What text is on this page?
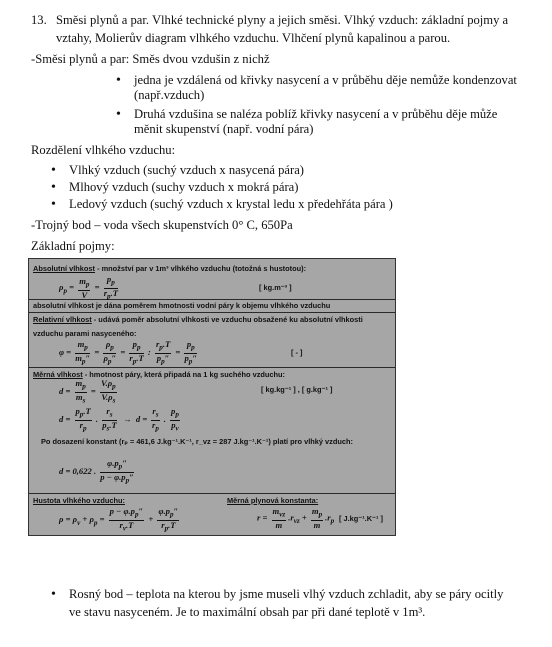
13. Směsi plynů a par. Vlhké technické plyny a jejich směsi. Vlhký vzduch: základní pojmy a
vztahy, Molierův diagram vlhkého vzduchu. Vlhčení plynů kapalinou a parou.
-Směsi plynů a par: Směs dvou vzdušin z nichž
• jedna je vzdálená od křivky nasycení a v průběhu děje nemůže kondenzovat
(např.vzduch)
• Druhá vzdušina se naléza poblíž křivky nasycení a v průběhu děje může
měnit skupenství (např. vodní pára)
Rozdělení vlhkého vzduchu:
• Vlhký vzduch (suchý vzduch x nasycená pára)
• Mlhový vzduch (suchy vzduch x mokrá pára)
• Ledový vzduch (suchý vzduch x krystal ledu x předehřáta pára )
-Trojný bod – voda všech skupenstvích 0° C, 650Pa
Základní pojmy:
Absolutní vlhkost - množství par v 1m³ vlhkého vzduchu (totožná s hustotou):
$\rho_p = \frac{m_p}{V} = \frac{p_p}{r_p.T}$	[ kg.m⁻³ ]
absolutní vlhkost je dána poměrem hmotnosti vodní páry k objemu vlhkého vzduchu
Relativní vlhkost - udává poměr absolutní vlhkosti ve vzduchu obsažené ku absolutní vlhkosti
vzduchu parami nasyceného:
$\varphi = \frac{m_p}{m_p''} = \frac{\rho_p}{\rho_p''} = \frac{p_p}{r_p.T}$ : $\frac{r_p.T}{p_p''} = \frac{p_p}{p_p''}$	[ - ]
Měrná vlhkost - hmotnost páry, která připadá na 1 kg suchého vzduchu:
$d = \frac{m_p}{m_s} = \frac{V.\rho_p}{V.\rho_s}$	[ kg.kg⁻¹ ] , [ g.kg⁻¹ ]
$d = \frac{p_p.T}{r_p}$ . $\frac{r_s}{p_s.T} \to d = \frac{r_s}{r_p}$ . $\frac{p_p}{p_v}$
Po dosazení konstant (rₚ = 461,6 J.kg⁻¹.K⁻¹, r_vz = 287 J.kg⁻¹.K⁻¹) platí pro vlhký vzduch:
d = 0,622 . $\frac{\varphi.p_p''}{p - \varphi.p_p''}$
Hustota vlhkého vzduchu:	Měrná plynová konstanta:
$\rho = \rho_v + \rho_p = \frac{p - \varphi.p_p''}{r_v.T} + \frac{\varphi.p_p''}{r_p.T}$	$r = \frac{m_{vz}}{m} .r_{vz} + \frac{m_p}{m} .r_p$ [ J.kg⁻¹.K⁻¹ ]
• Rosný bod – teplota na kterou by jsme museli vlhý vzduch zchladit, aby se páry ocitly
ve stavu nasyceném. Je to maximální obsah par při dané teplotě v 1m³.
